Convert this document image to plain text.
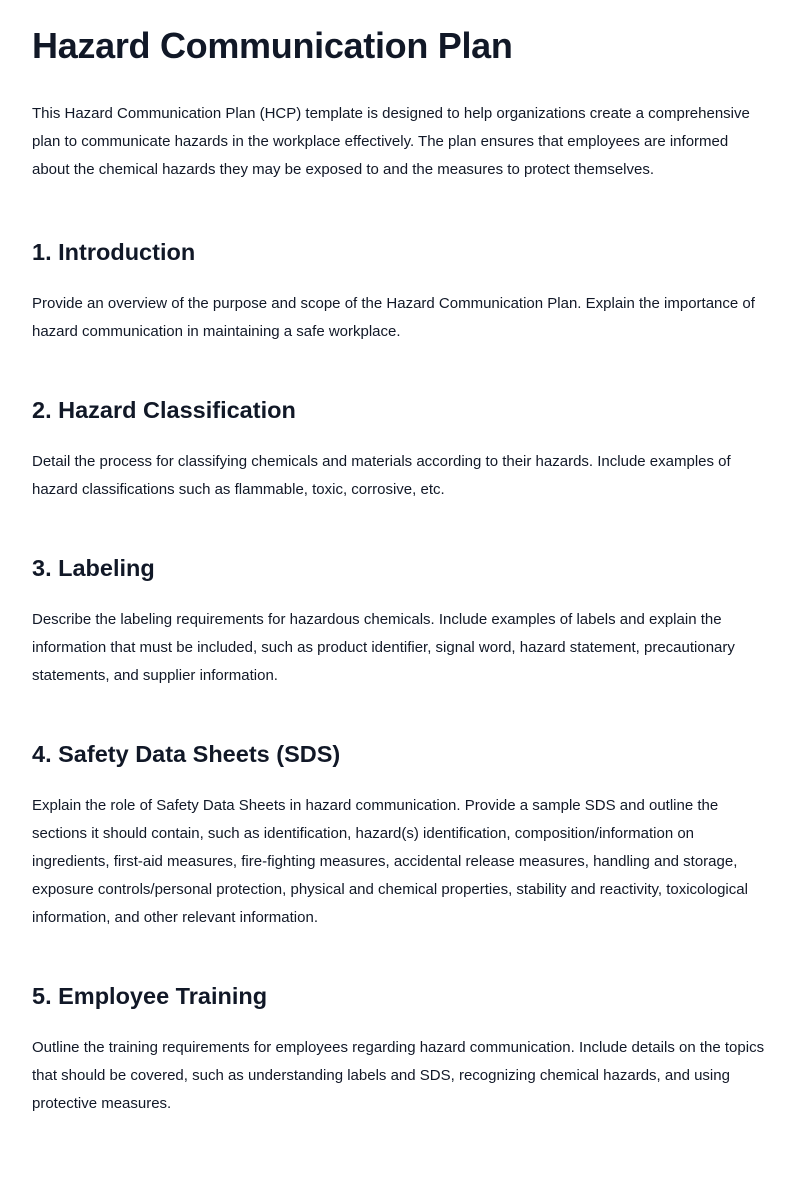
Hazard Communication Plan

This Hazard Communication Plan (HCP) template is designed to help organizations create a comprehensive plan to communicate hazards in the workplace effectively. The plan ensures that employees are informed about the chemical hazards they may be exposed to and the measures to protect themselves.

1. Introduction

Provide an overview of the purpose and scope of the Hazard Communication Plan. Explain the importance of hazard communication in maintaining a safe workplace.

2. Hazard Classification

Detail the process for classifying chemicals and materials according to their hazards. Include examples of hazard classifications such as flammable, toxic, corrosive, etc.

3. Labeling

Describe the labeling requirements for hazardous chemicals. Include examples of labels and explain the information that must be included, such as product identifier, signal word, hazard statement, precautionary statements, and supplier information.

4. Safety Data Sheets (SDS)

Explain the role of Safety Data Sheets in hazard communication. Provide a sample SDS and outline the sections it should contain, such as identification, hazard(s) identification, composition/information on ingredients, first-aid measures, fire-fighting measures, accidental release measures, handling and storage, exposure controls/personal protection, physical and chemical properties, stability and reactivity, toxicological information, and other relevant information.

5. Employee Training

Outline the training requirements for employees regarding hazard communication. Include details on the topics that should be covered, such as understanding labels and SDS, recognizing chemical hazards, and using protective measures.
